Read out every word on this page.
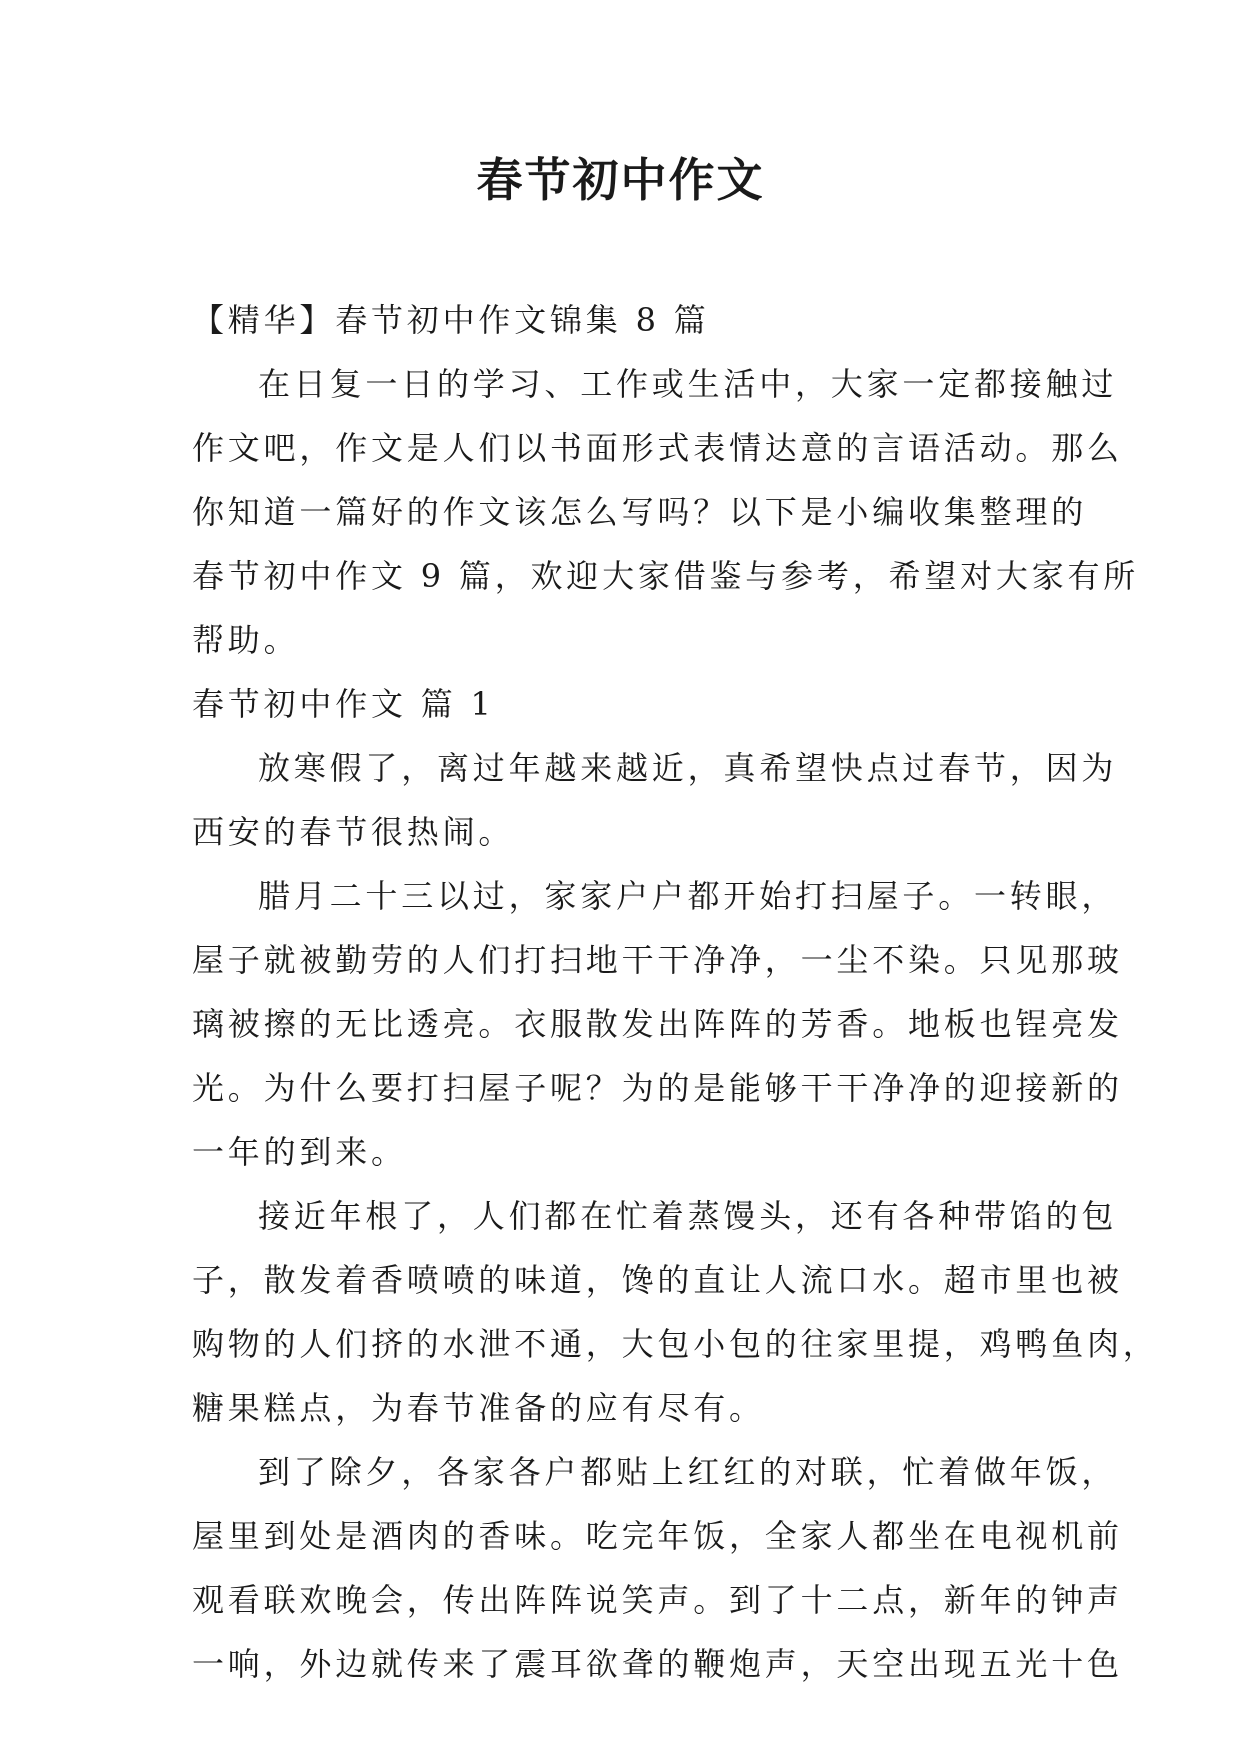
春节初中作文
【精华】春节初中作文锦集 8 篇
在日复一日的学习、工作或生活中，大家一定都接触过
作文吧，作文是人们以书面形式表情达意的言语活动。那么
你知道一篇好的作文该怎么写吗？以下是小编收集整理的
春节初中作文 9 篇，欢迎大家借鉴与参考，希望对大家有所
帮助。
春节初中作文 篇 1
放寒假了，离过年越来越近，真希望快点过春节，因为
西安的春节很热闹。
腊月二十三以过，家家户户都开始打扫屋子。一转眼，
屋子就被勤劳的人们打扫地干干净净，一尘不染。只见那玻
璃被擦的无比透亮。衣服散发出阵阵的芳香。地板也锃亮发
光。为什么要打扫屋子呢？为的是能够干干净净的迎接新的
一年的到来。
接近年根了，人们都在忙着蒸馒头，还有各种带馅的包
子，散发着香喷喷的味道，馋的直让人流口水。超市里也被
购物的人们挤的水泄不通，大包小包的往家里提，鸡鸭鱼肉，
糖果糕点，为春节准备的应有尽有。
到了除夕，各家各户都贴上红红的对联，忙着做年饭，
屋里到处是酒肉的香味。吃完年饭，全家人都坐在电视机前
观看联欢晚会，传出阵阵说笑声。到了十二点，新年的钟声
一响，外边就传来了震耳欲聋的鞭炮声，天空出现五光十色
